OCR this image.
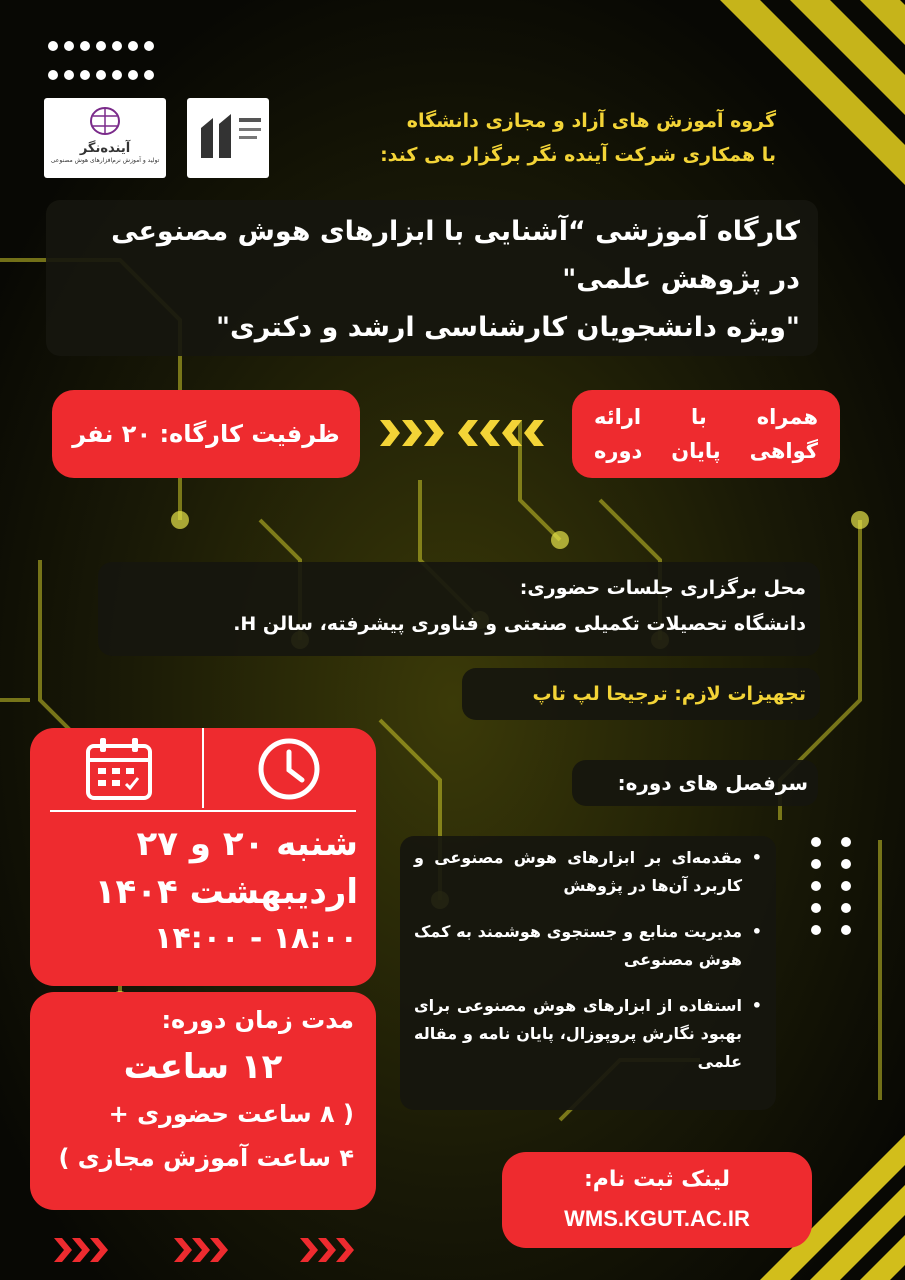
آینده‌نگر
تولید و آموزش نرم‌افزارهای هوش مصنوعی
گروه آموزش های آزاد و مجازی دانشگاه
با همکاری شرکت آینده نگر برگزار می کند:
کارگاه آموزشی “آشنایی با ابزارهای هوش مصنوعی
در پژوهش علمی"
"ویژه دانشجویان کارشناسی ارشد و دکتری"
ظرفیت کارگاه: ۲۰ نفر
همراه با ارائه
گواهی پایان دوره
محل برگزاری جلسات حضوری:
دانشگاه تحصیلات تکمیلی صنعتی و فناوری پیشرفته، سالن H.
تجهیزات لازم: ترجیحا لپ تاپ
شنبه ۲۰ و ۲۷
اردیبهشت ۱۴۰۴
۱۴:۰۰ - ۱۸:۰۰
مدت زمان دوره:
۱۲ ساعت
( ۸ ساعت حضوری +
۴ ساعت آموزش مجازی )
سرفصل های دوره:
• مقدمه‌ای بر ابزارهای هوش مصنوعی و کاربرد آن‌ها در پژوهش
• مدیریت منابع و جستجوی هوشمند به کمک هوش مصنوعی
• استفاده از ابزارهای هوش مصنوعی برای بهبود نگارش پروپوزال، پایان نامه و مقاله علمی
لینک ثبت نام:
WMS.KGUT.AC.IR
